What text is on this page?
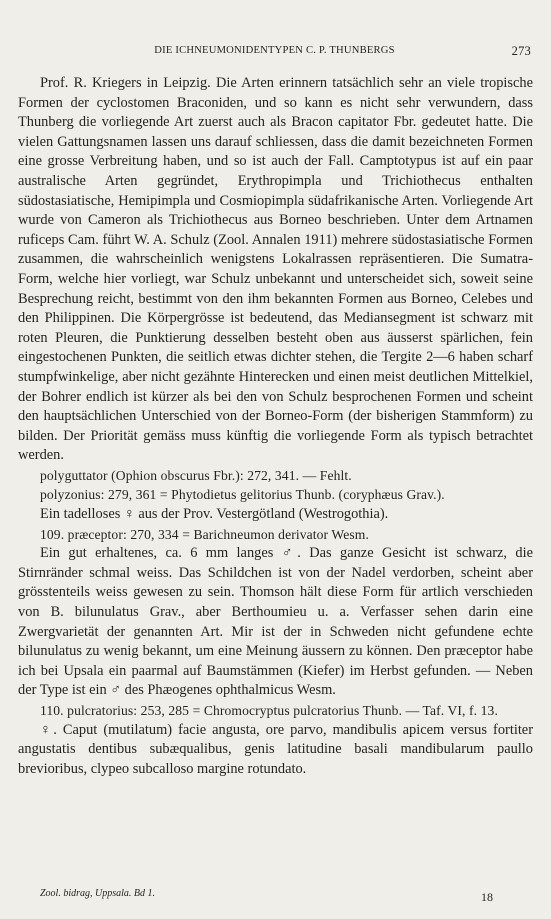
DIE ICHNEUMONIDENTYPEN C. P. THUNBERGS	273

Prof. R. Kriegers in Leipzig. Die Arten erinnern tatsächlich sehr an viele tropische Formen der cyclostomen Braconiden, und so kann es nicht sehr verwundern, dass Thunberg die vorliegende Art zuerst auch als Bracon capitator Fbr. gedeutet hatte. Die vielen Gattungsnamen lassen uns darauf schliessen, dass die damit bezeichneten Formen eine grosse Verbreitung haben, und so ist auch der Fall. Camptotypus ist auf ein paar australische Arten gegründet, Erythropimpla und Trichiothecus enthalten südostasiatische, Hemipimpla und Cosmiopimpla südafrikanische Arten. Vorliegende Art wurde von Cameron als Trichiothecus aus Borneo beschrieben. Unter dem Artnamen ruficeps Cam. führt W. A. Schulz (Zool. Annalen 1911) mehrere südostasiatische Formen zusammen, die wahrscheinlich wenigstens Lokalrassen repräsentieren. Die Sumatra-Form, welche hier vorliegt, war Schulz unbekannt und unterscheidet sich, soweit seine Besprechung reicht, bestimmt von den ihm bekannten Formen aus Borneo, Celebes und den Philippinen. Die Körpergrösse ist bedeutend, das Mediansegment ist schwarz mit roten Pleuren, die Punktierung desselben besteht oben aus äusserst spärlichen, fein eingestochenen Punkten, die seitlich etwas dichter stehen, die Tergite 2—6 haben scharf stumpfwinkelige, aber nicht gezähnte Hinterecken und einen meist deutlichen Mittelkiel, der Bohrer endlich ist kürzer als bei den von Schulz besprochenen Formen und scheint den hauptsächlichen Unterschied von der Borneo-Form (der bisherigen Stammform) zu bilden. Der Priorität gemäss muss künftig die vorliegende Form als typisch betrachtet werden.

polyguttator (Ophion obscurus Fbr.): 272, 341. — Fehlt.

polyzonius: 279, 361 = Phytodietus gelitorius Thunb. (coryphæus Grav.).

Ein tadelloses ♀ aus der Prov. Vestergötland (Westrogothia).

109. præceptor: 270, 334 = Barichneumon derivator Wesm.

Ein gut erhaltenes, ca. 6 mm langes ♂. Das ganze Gesicht ist schwarz, die Stirnränder schmal weiss. Das Schildchen ist von der Nadel verdorben, scheint aber grösstenteils weiss gewesen zu sein. Thomson hält diese Form für artlich verschieden von B. bilunulatus Grav., aber Berthoumieu u. a. Verfasser sehen darin eine Zwergvarietät der genannten Art. Mir ist der in Schweden nicht gefundene echte bilunulatus zu wenig bekannt, um eine Meinung äussern zu können. Den præceptor habe ich bei Upsala ein paarmal auf Baumstämmen (Kiefer) im Herbst gefunden. — Neben der Type ist ein ♂ des Phæogenes ophthalmicus Wesm.

110. pulcratorius: 253, 285 = Chromocryptus pulcratorius Thunb. — Taf. VI, f. 13.

♀. Caput (mutilatum) facie angusta, ore parvo, mandibulis apicem versus fortiter angustatis dentibus subæqualibus, genis latitudine basali mandibularum paullo brevioribus, clypeo subcalloso margine rotundato.

Zool. bidrag, Uppsala. Bd 1.	18
